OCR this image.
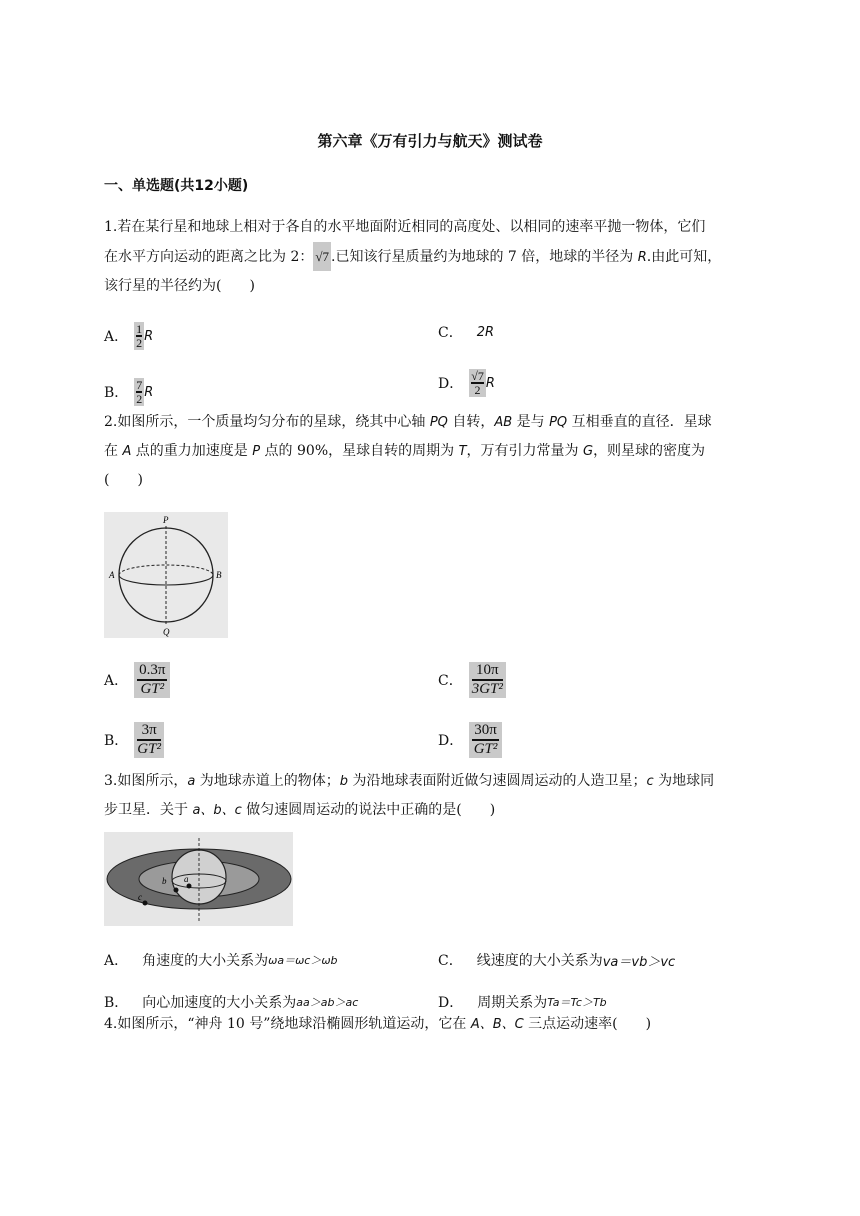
第六章《万有引力与航天》测试卷
一、单选题(共12小题)
1.若在某行星和地球上相对于各自的水平地面附近相同的高度处、以相同的速率平抛一物体，它们
在水平方向运动的距离之比为 2： √7 .已知该行星质量约为地球的 7 倍，地球的半径为 R.由此可知，
该行星的半径约为(　　)
A． $\frac{1}{2}$ R	C． 2R
B． $\frac{7}{2}$ R	D． $\frac{√7}{2}$ R
2.如图所示，一个质量均匀分布的星球，绕其中心轴 PQ 自转，AB 是与 PQ 互相垂直的直径．星球
在 A 点的重力加速度是 P 点的 90%，星球自转的周期为 T，万有引力常量为 G，则星球的密度为
(　　)
P
A	B
Q
A． $\frac{0.3\pi}{\text{GT²}}$	C． $\frac{10\pi}{\text{3GT²}}$
B． $\frac{3\pi}{\text{GT²}}$	D． $\frac{30\pi}{\text{GT²}}$
3.如图所示，a 为地球赤道上的物体；b 为沿地球表面附近做匀速圆周运动的人造卫星；c 为地球同
步卫星．关于 a、b、c 做匀速圆周运动的说法中正确的是(　　)
a
b
c
A． 角速度的大小关系为 ωa＝ωc＞ωb	C． 线速度的大小关系为 va＝vb＞vc
B． 向心加速度的大小关系为 aa＞ab＞ac	D． 周期关系为 Ta＝Tc＞Tb
4.如图所示，“神舟 10 号”绕地球沿椭圆形轨道运动，它在 A、B、C 三点运动速率(　　)
